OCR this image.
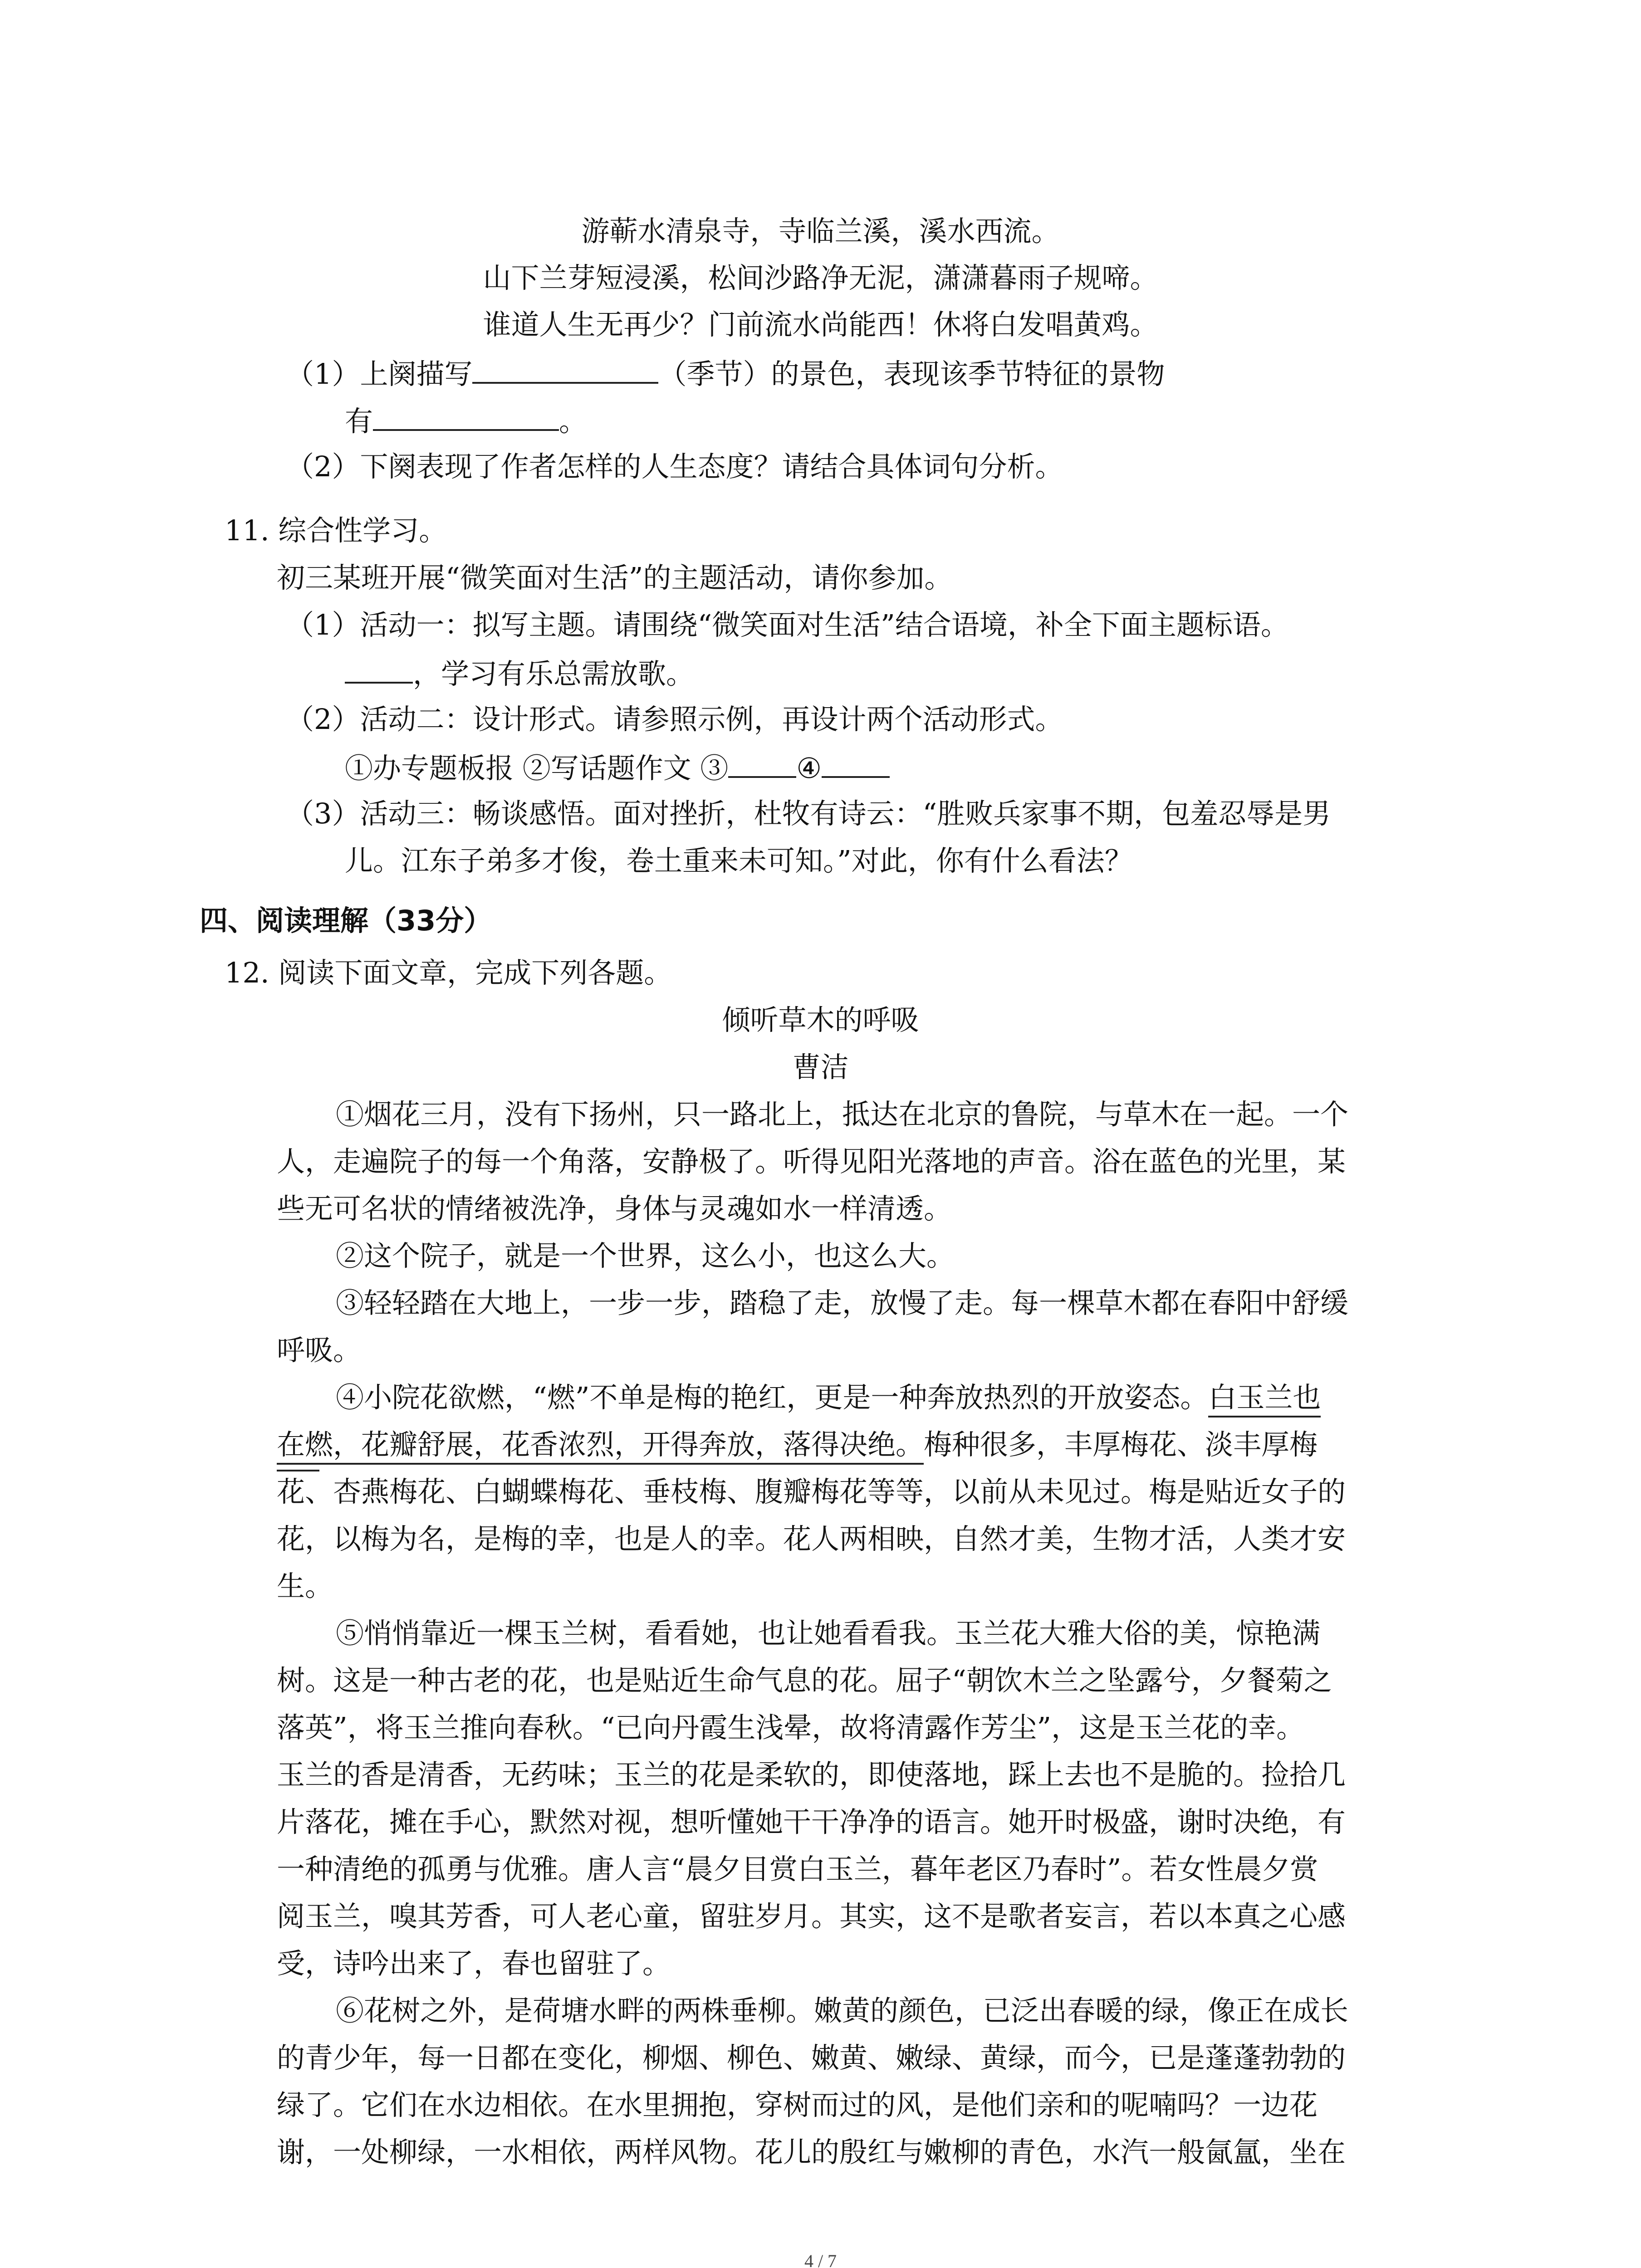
游蕲水清泉寺，寺临兰溪，溪水西流。
山下兰芽短浸溪，松间沙路净无泥，潇潇暮雨子规啼。
谁道人生无再少？门前流水尚能西！休将白发唱黄鸡。
（1）上阕描写	（季节）的景色，表现该季节特征的景物
有	。
（2）下阕表现了作者怎样的人生态度？请结合具体词句分析。
11. 综合性学习。
初三某班开展“微笑面对生活”的主题活动，请你参加。
（1）活动一：拟写主题。请围绕“微笑面对生活”结合语境，补全下面主题标语。
，学习有乐总需放歌。
（2）活动二：设计形式。请参照示例，再设计两个活动形式。
①办专题板报 ②写话题作文 ③ ④
（3）活动三：畅谈感悟。面对挫折，杜牧有诗云：“胜败兵家事不期，包羞忍辱是男
儿。江东子弟多才俊，卷土重来未可知。”对此，你有什么看法？
四、阅读理解（33分）
12. 阅读下面文章，完成下列各题。
倾听草木的呼吸
曹洁
①烟花三月，没有下扬州，只一路北上，抵达在北京的鲁院，与草木在一起。一个
人，走遍院子的每一个角落，安静极了。听得见阳光落地的声音。浴在蓝色的光里，某
些无可名状的情绪被洗净，身体与灵魂如水一样清透。
②这个院子，就是一个世界，这么小，也这么大。
③轻轻踏在大地上，一步一步，踏稳了走，放慢了走。每一棵草木都在春阳中舒缓
呼吸。
④小院花欲燃，“燃”不单是梅的艳红，更是一种奔放热烈的开放姿态。白玉兰也
在燃，花瓣舒展，花香浓烈，开得奔放，落得决绝。梅种很多，丰厚梅花、淡丰厚梅
花、杏燕梅花、白蝴蝶梅花、垂枝梅、腹瓣梅花等等，以前从未见过。梅是贴近女子的
花，以梅为名，是梅的幸，也是人的幸。花人两相映，自然才美，生物才活，人类才安
生。
⑤悄悄靠近一棵玉兰树，看看她，也让她看看我。玉兰花大雅大俗的美，惊艳满
树。这是一种古老的花，也是贴近生命气息的花。屈子“朝饮木兰之坠露兮，夕餐菊之
落英”，将玉兰推向春秋。“已向丹霞生浅晕，故将清露作芳尘”，这是玉兰花的幸。
玉兰的香是清香，无药味；玉兰的花是柔软的，即使落地，踩上去也不是脆的。捡拾几
片落花，摊在手心，默然对视，想听懂她干干净净的语言。她开时极盛，谢时决绝，有
一种清绝的孤勇与优雅。唐人言“晨夕目赏白玉兰，暮年老区乃春时”。若女性晨夕赏
阅玉兰，嗅其芳香，可人老心童，留驻岁月。其实，这不是歌者妄言，若以本真之心感
受，诗吟出来了，春也留驻了。
⑥花树之外，是荷塘水畔的两株垂柳。嫩黄的颜色，已泛出春暖的绿，像正在成长
的青少年，每一日都在变化，柳烟、柳色、嫩黄、嫩绿、黄绿，而今，已是蓬蓬勃勃的
绿了。它们在水边相依。在水里拥抱，穿树而过的风，是他们亲和的呢喃吗？一边花
谢，一处柳绿，一水相依，两样风物。花儿的殷红与嫩柳的青色，水汽一般氤氲，坐在
4 / 7
